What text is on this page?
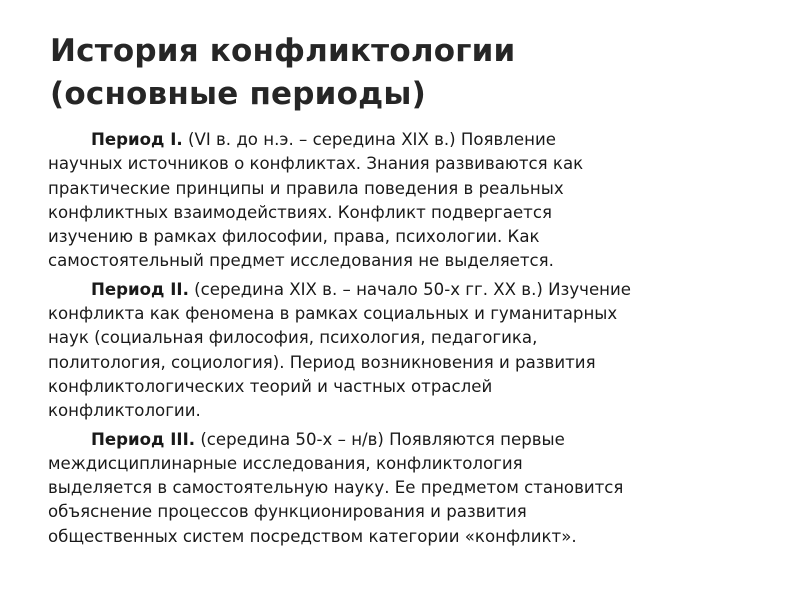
История конфликтологии
(основные периоды)
Период I. (VI в. до н.э. – середина XIX в.) Появление
научных источников о конфликтах. Знания развиваются как
практические принципы и правила поведения в реальных
конфликтных взаимодействиях. Конфликт подвергается
изучению в рамках философии, права, психологии. Как
самостоятельный предмет исследования не выделяется.
Период II. (середина XIX в. – начало 50-х гг. XX в.) Изучение
конфликта как феномена в рамках социальных и гуманитарных
наук (социальная философия, психология, педагогика,
политология, социология). Период возникновения и развития
конфликтологических теорий и частных отраслей
конфликтологии.
Период III. (середина 50-х – н/в) Появляются первые
междисциплинарные исследования, конфликтология
выделяется в самостоятельную науку. Ее предметом становится
объяснение процессов функционирования и развития
общественных систем посредством категории «конфликт».
